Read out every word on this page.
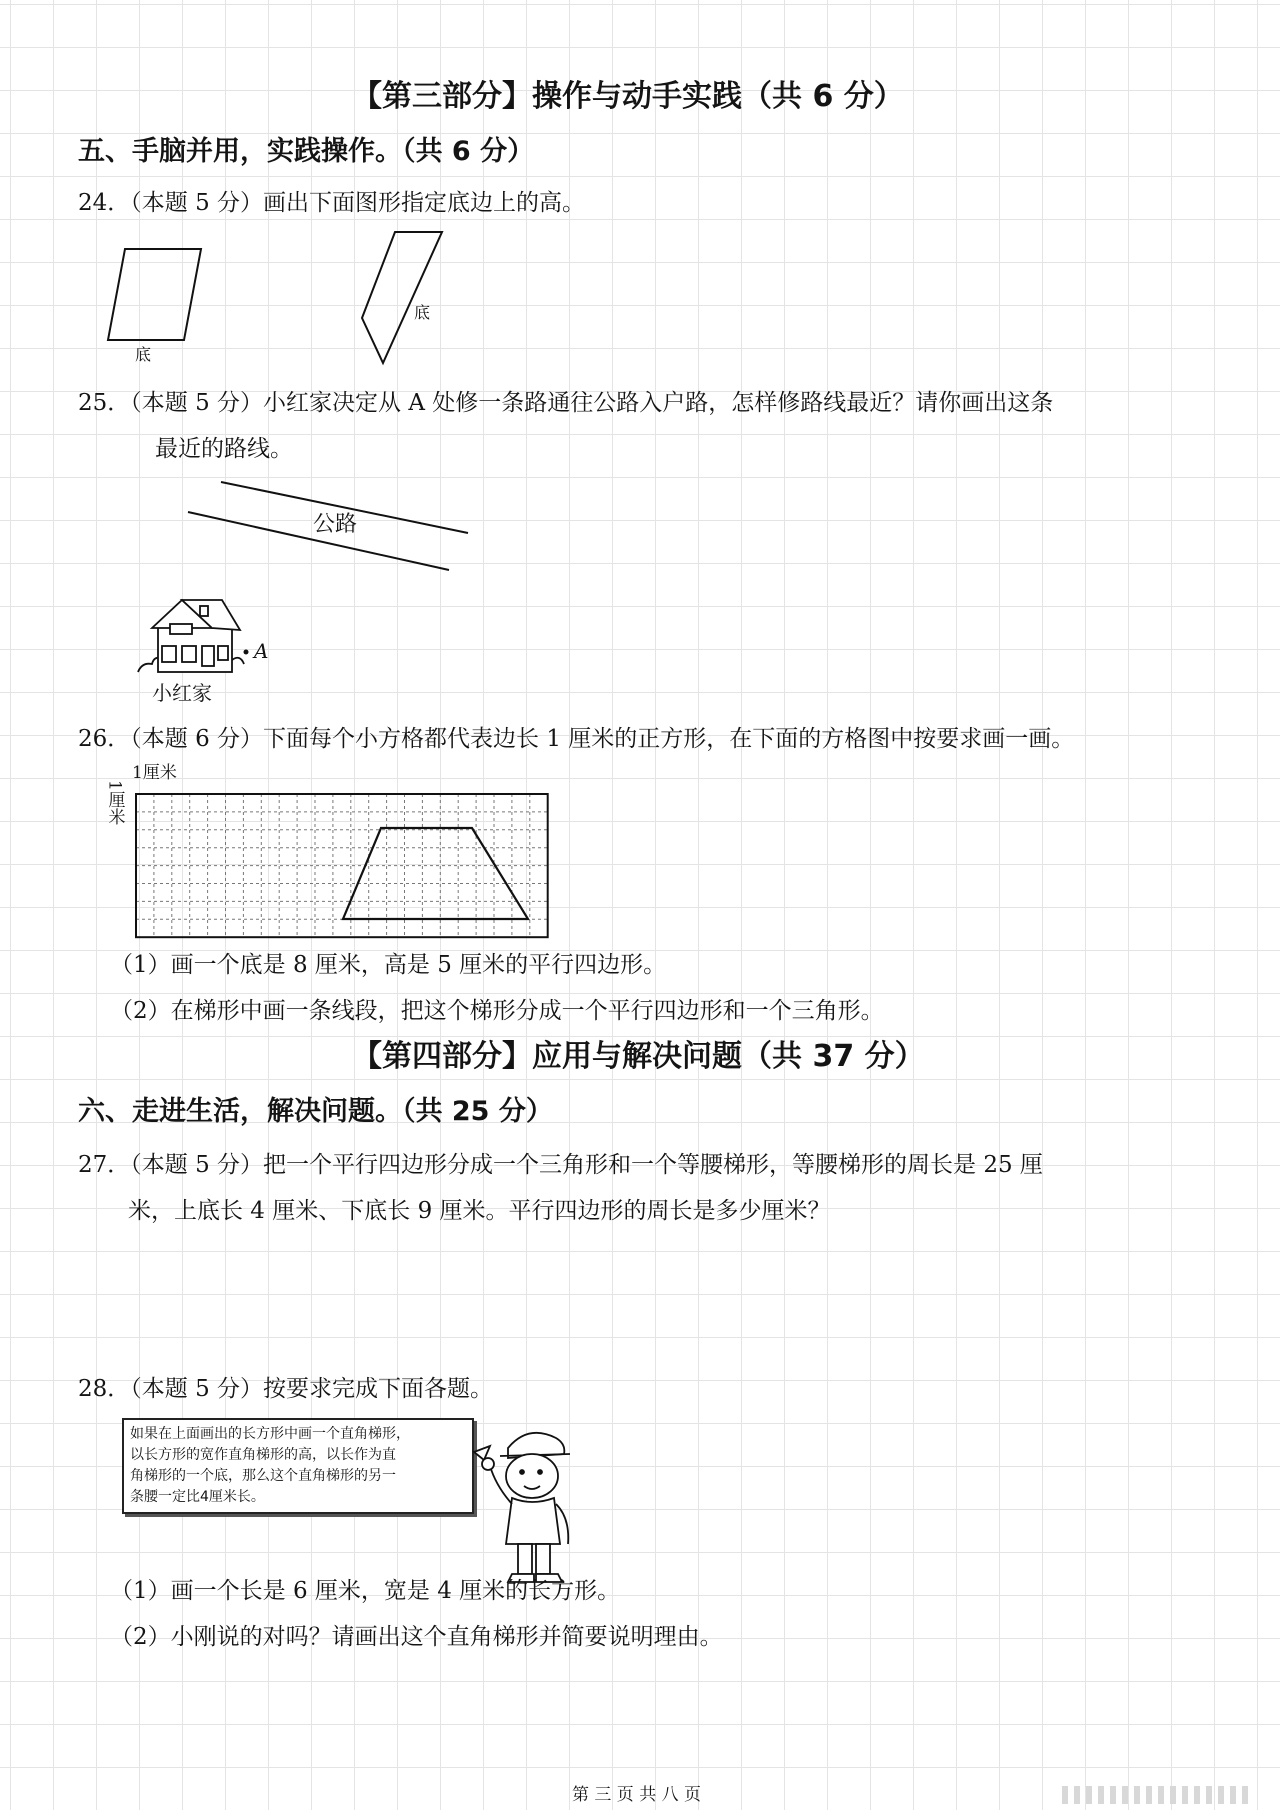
【第三部分】操作与动手实践（共 6 分）
五、手脑并用，实践操作。（共 6 分）
24．（本题 5 分）画出下面图形指定底边上的高。
底
底
25．（本题 5 分）小红家决定从 A 处修一条路通往公路入户路，怎样修路线最近？请你画出这条
最近的路线。
公路
A
小红家
26．（本题 6 分）下面每个小方格都代表边长 1 厘米的正方形，在下面的方格图中按要求画一画。
1厘米
1厘米
（1）画一个底是 8 厘米，高是 5 厘米的平行四边形。
（2）在梯形中画一条线段，把这个梯形分成一个平行四边形和一个三角形。
【第四部分】应用与解决问题（共 37 分）
六、走进生活，解决问题。（共 25 分）
27．（本题 5 分）把一个平行四边形分成一个三角形和一个等腰梯形，等腰梯形的周长是 25 厘
米，上底长 4 厘米、下底长 9 厘米。平行四边形的周长是多少厘米？
28．（本题 5 分）按要求完成下面各题。
如果在上面画出的长方形中画一个直角梯形，
以长方形的宽作直角梯形的高，以长作为直
角梯形的一个底，那么这个直角梯形的另一
条腰一定比4厘米长。
（1）画一个长是 6 厘米，宽是 4 厘米的长方形。
（2）小刚说的对吗？请画出这个直角梯形并简要说明理由。
第 三 页 共 八 页
